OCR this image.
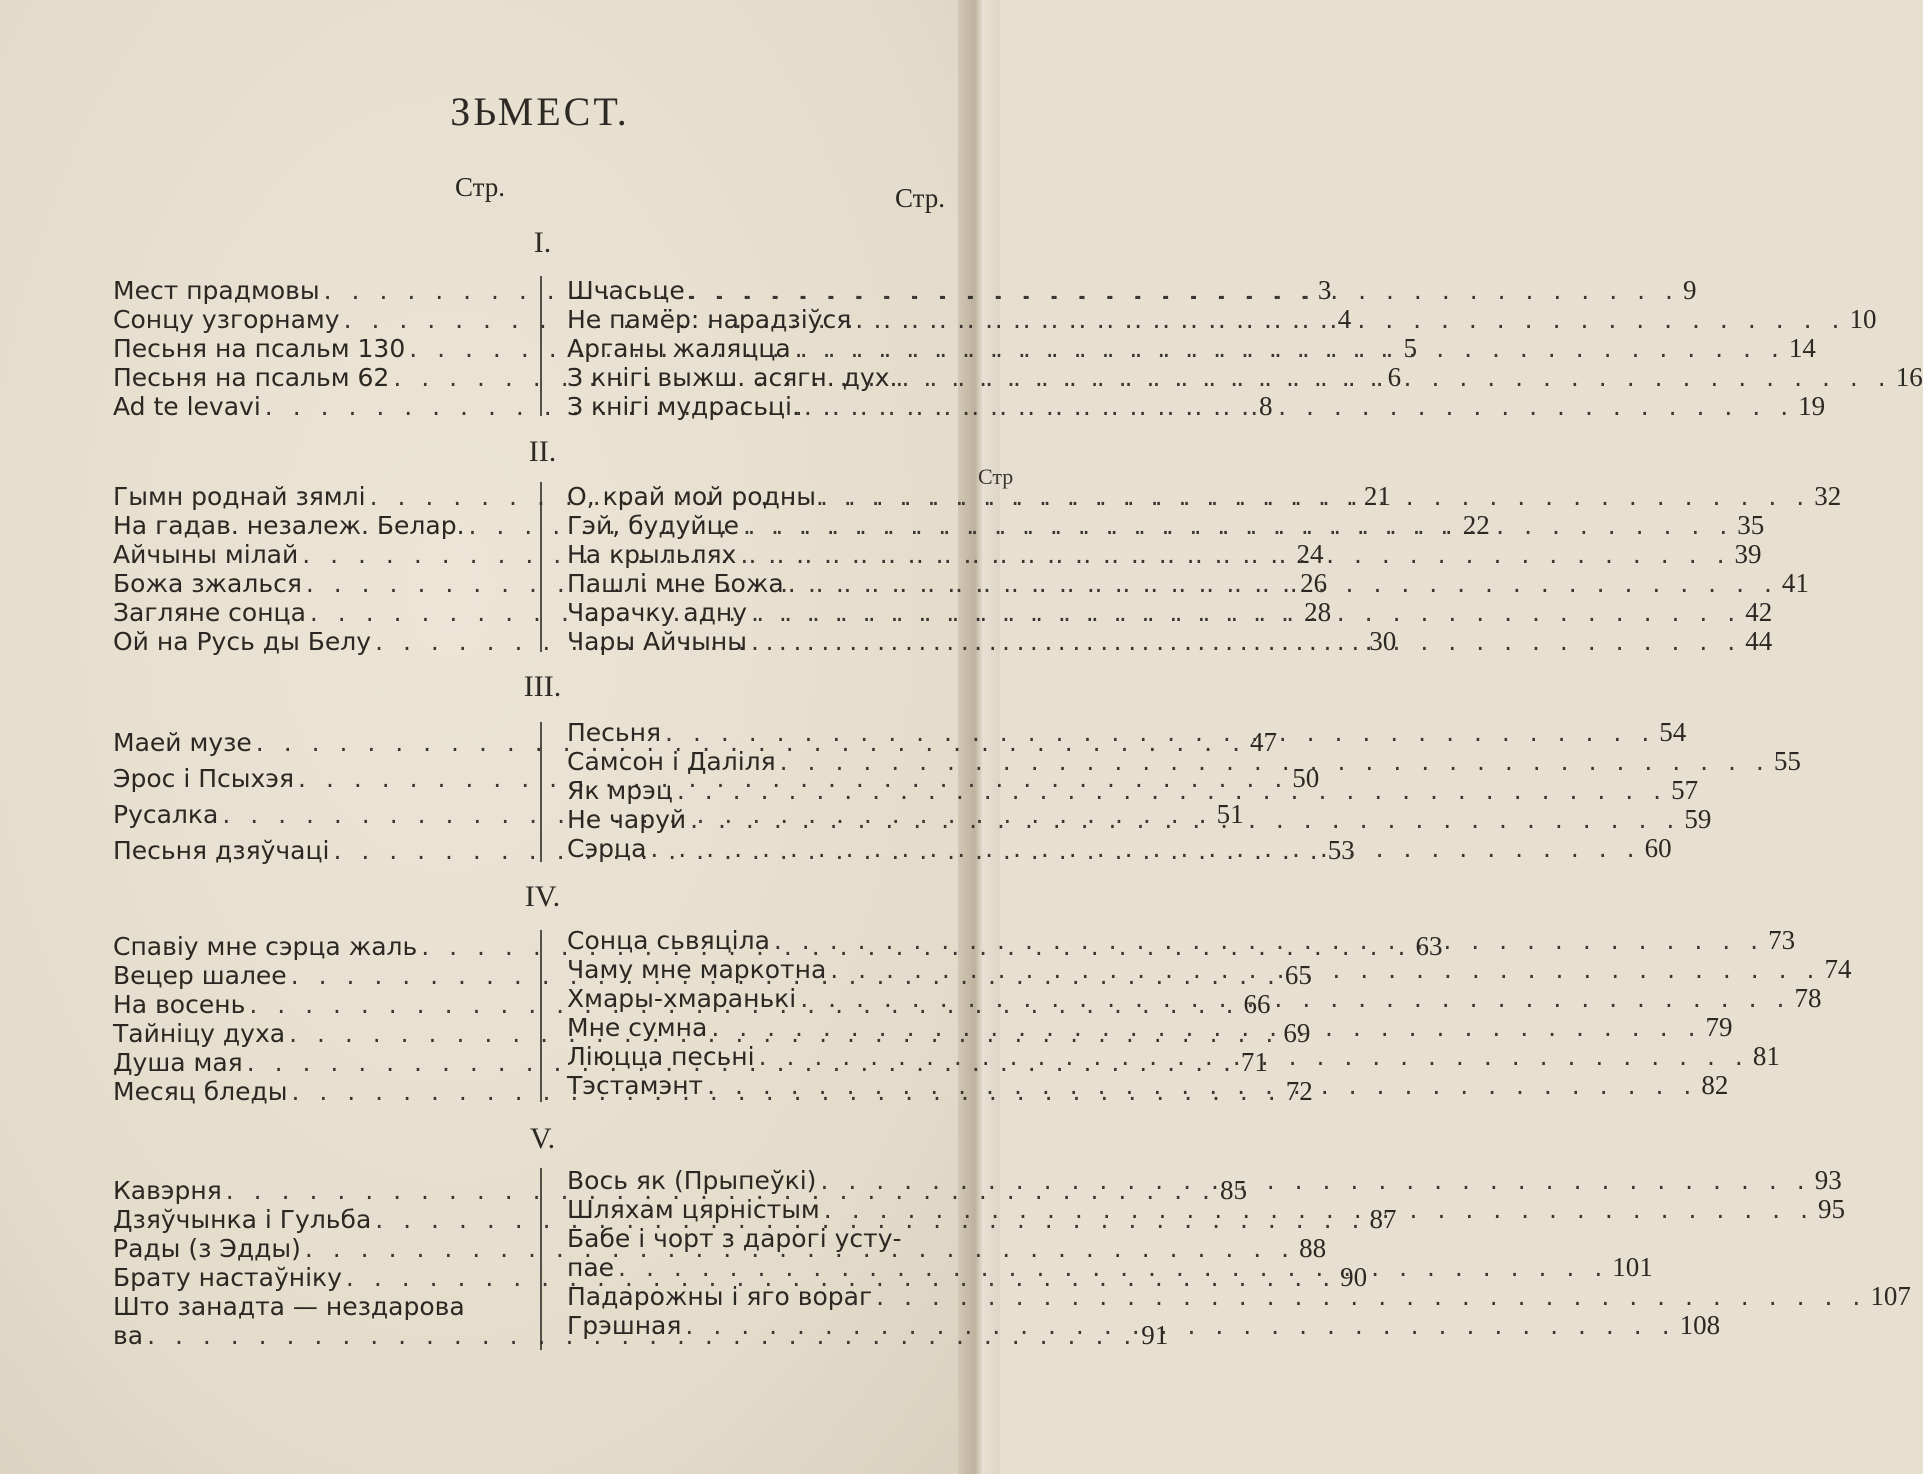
Стр
ЗЬМЕСТ.
Стр.	Стр.
I.
Мест прадмовы . . .	3
Сонцу узгорнаму . . .	4
Песьня на псальм 130 . . .	5
Песьня на псальм 62 . . .	6
Ad te levavi . . .	8
Шчасьце . . .	9
Не памёр: нарадзіўся . . .	10
Арганы жаляцца . . .	14
З кнігі выжш. асягн. дух. . . .	16
З кнігі мудрасьці. . . .	19
II.
Гымн роднай зямлі . . .	21
На гадав. незалеж. Белар. . . .	22
Айчыны мілай . . .	24
Божа зжалься . . .	26
Загляне сонца . . .	28
Ой на Русь ды Белу . . .	30
О, край мой родны . . .	32
Гэй, будуйце . . .	35
На крыльлях . . .	39
Пашлі мне Божа . . .	41
Чарачку адну . . .	42
Чары Айчыны . . .	44
III.
Маей музе . . .	47
Эрос і Псыхэя . . .	50
Русалка . . .	51
Песьня дзяўчаці . . .	53
Песьня . . .	54
Самсон і Даліля . . .	55
Як мрэц . . .	57
Не чаруй . . .	59
Сэрца . . .	60
IV.
Спавіу мне сэрца жаль . . .	63
Вецер шалее . . .	65
На восень . . .	66
Тайніцу духа . . .	69
Душа мая . . .	71
Месяц бледы . . .	72
Сонца сьвяціла . . .	73
Чаму мне маркотна . . .	74
Хмары-хмаранькі . . .	78
Мне сумна . . .	79
Ліюцца песьні . . .	81
Тэстамэнт . . .	82
V.
Кавэрня . . .	85
Дзяўчынка і Гульба . . .	87
Рады (з Эдды) . . .	88
Брату настаўніку . . .	90
Што занадта — нездарова
ва . . .	91
Вось як (Прыпеўкі) . . .	93
Шляхам цярністым . . .	95
Бабе і чорт з дарогі усту-
пае . . .	101
Падарожны і яго вораг . . .	107
Грэшная . . .	108
